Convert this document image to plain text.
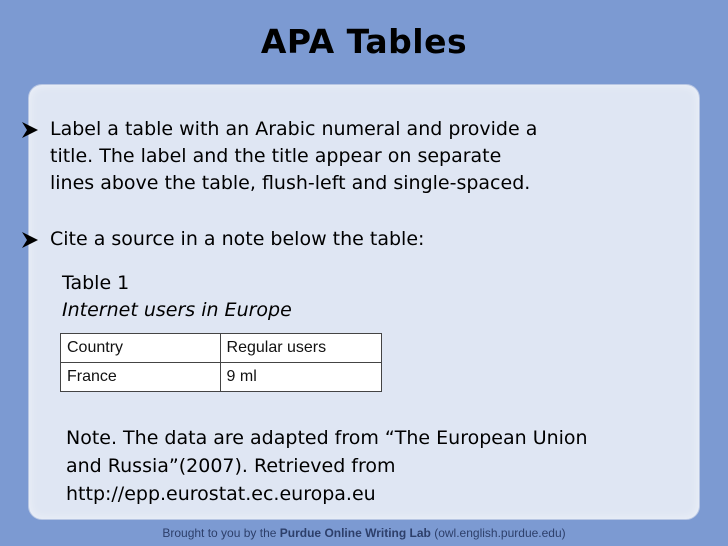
APA Tables
Label a table with an Arabic numeral and provide a
title. The label and the title appear on separate
lines above the table, flush-left and single-spaced.
Cite a source in a note below the table:
Table 1
Internet users in Europe
Country	Regular users
France	9 ml
Note. The data are adapted from “The European Union
and Russia”(2007). Retrieved from
http://epp.eurostat.ec.europa.eu
Brought to you by the Purdue Online Writing Lab (owl.english.purdue.edu)
